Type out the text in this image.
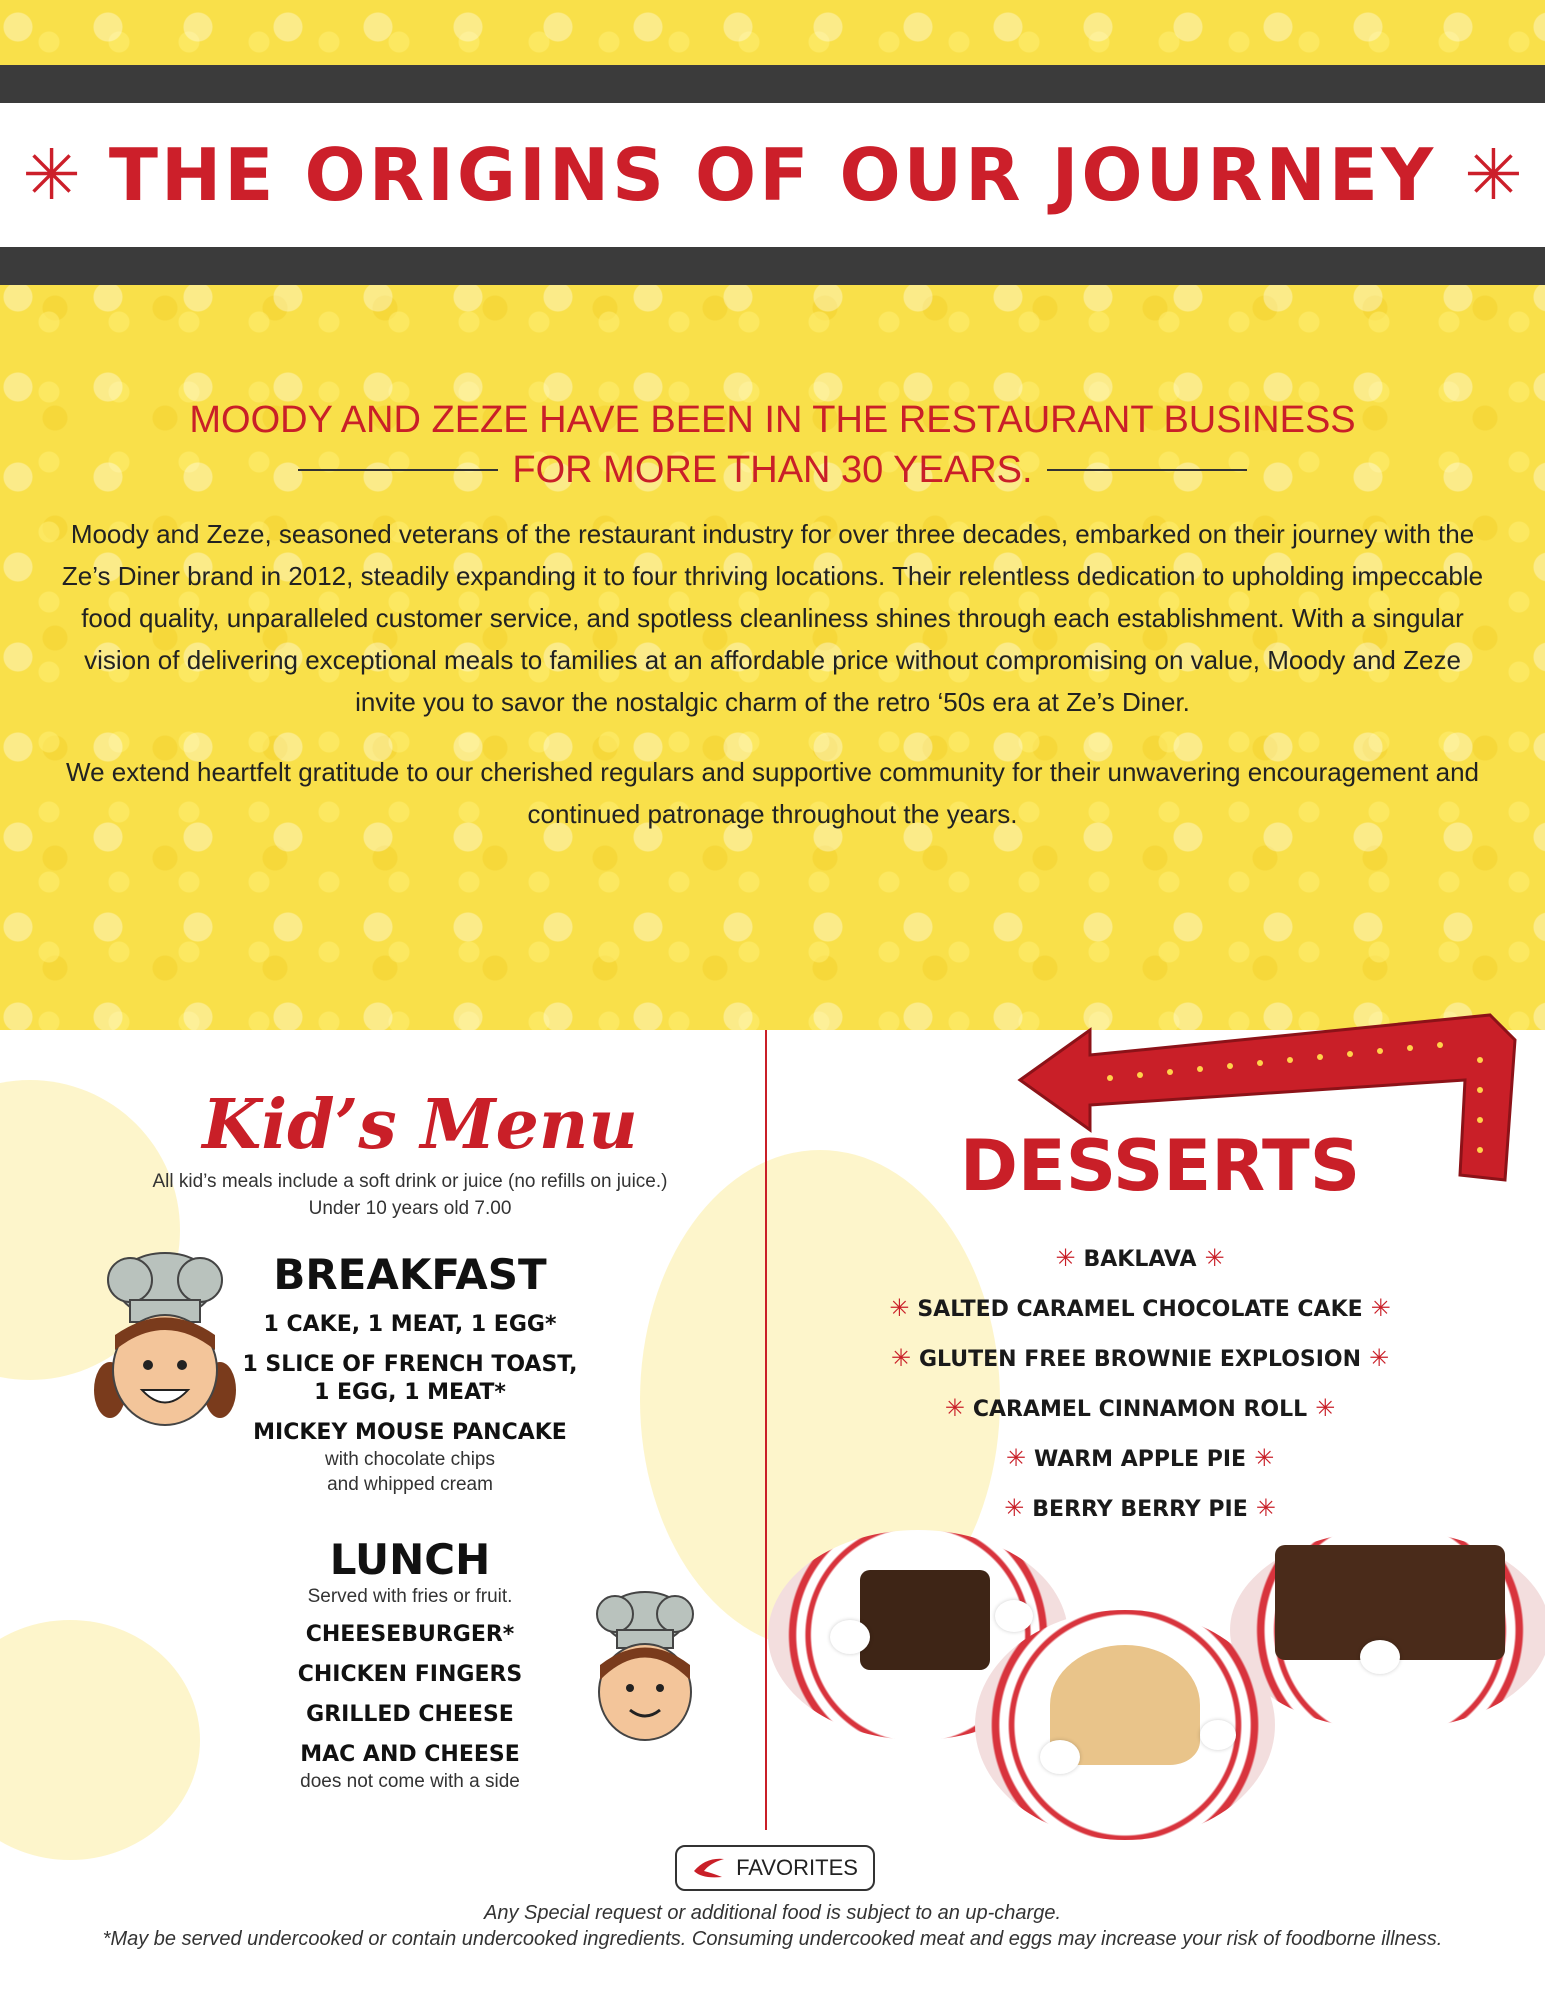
✳ THE ORIGINS OF OUR JOURNEY ✳
MOODY AND ZEZE HAVE BEEN IN THE RESTAURANT BUSINESS
FOR MORE THAN 30 YEARS.

Moody and Zeze, seasoned veterans of the restaurant industry for over three decades, embarked on their journey with the Ze’s Diner brand in 2012, steadily expanding it to four thriving locations. Their relentless dedication to upholding impeccable food quality, unparalleled customer service, and spotless cleanliness shines through each establishment. With a singular vision of delivering exceptional meals to families at an affordable price without compromising on value, Moody and Zeze invite you to savor the nostalgic charm of the retro ‘50s era at Ze’s Diner.

We extend heartfelt gratitude to our cherished regulars and supportive community for their unwavering encouragement and continued patronage throughout the years.

Kid’s Menu
All kid’s meals include a soft drink or juice (no refills on juice.)
Under 10 years old 7.00
BREAKFAST
1 CAKE, 1 MEAT, 1 EGG*
1 SLICE OF FRENCH TOAST,
1 EGG, 1 MEAT*
MICKEY MOUSE PANCAKE
with chocolate chips
and whipped cream
LUNCH
Served with fries or fruit.
CHEESEBURGER*
CHICKEN FINGERS
GRILLED CHEESE
MAC AND CHEESE
does not come with a side
DESSERTS
✳ BAKLAVA ✳
✳ SALTED CARAMEL CHOCOLATE CAKE ✳
✳ GLUTEN FREE BROWNIE EXPLOSION ✳
✳ CARAMEL CINNAMON ROLL ✳
✳ WARM APPLE PIE ✳
✳ BERRY BERRY PIE ✳
FAVORITES
Any Special request or additional food is subject to an up-charge.
*May be served undercooked or contain undercooked ingredients. Consuming undercooked meat and eggs may increase your risk of foodborne illness.
